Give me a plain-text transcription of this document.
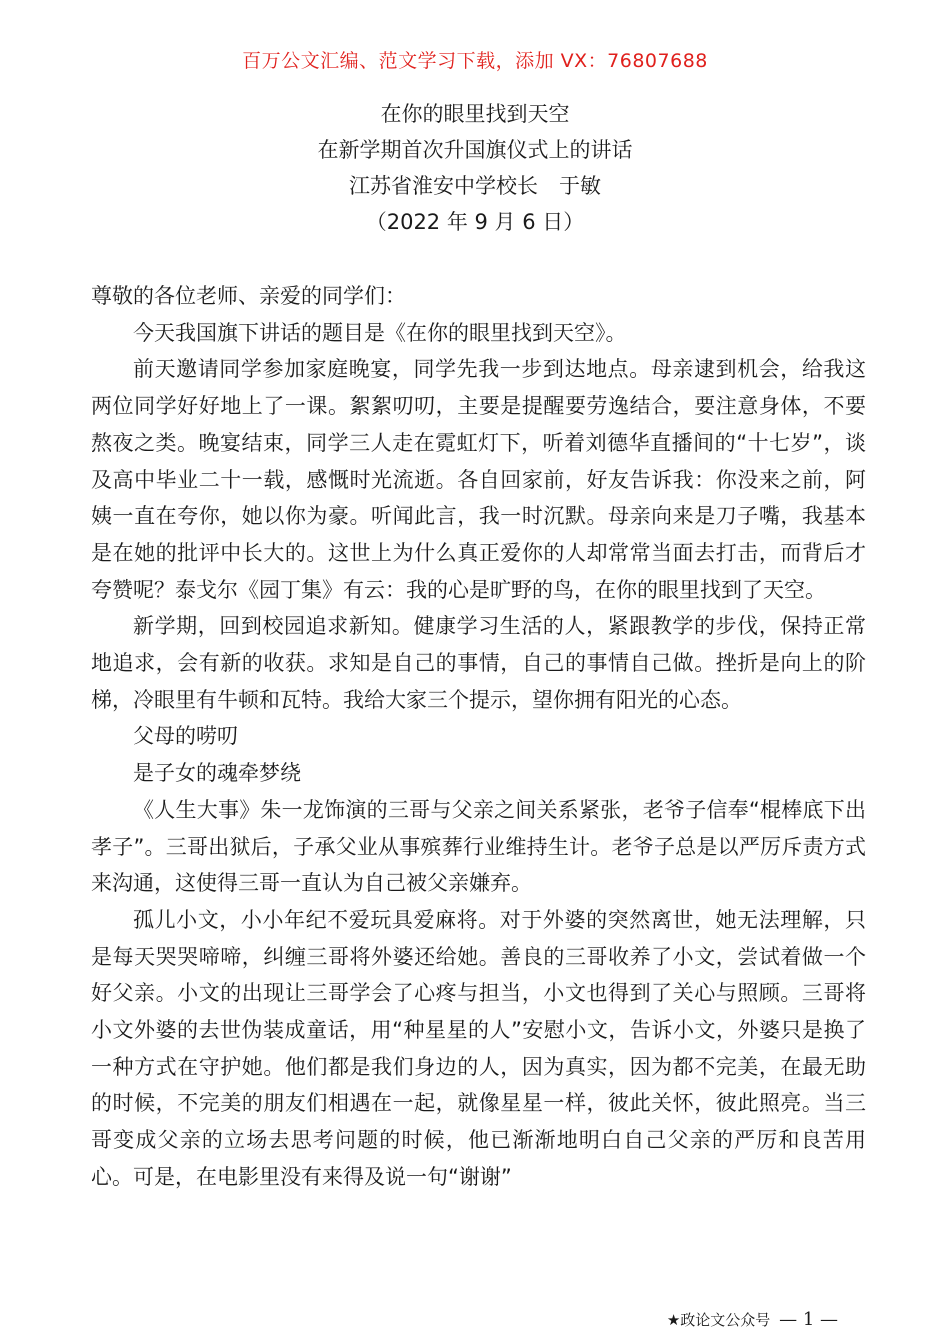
百万公文汇编、范文学习下载，添加 VX：76807688
在你的眼里找到天空
在新学期首次升国旗仪式上的讲话
江苏省淮安中学校长　于敏
（2022 年 9 月 6 日）

尊敬的各位老师、亲爱的同学们：

今天我国旗下讲话的题目是《在你的眼里找到天空》。

前天邀请同学参加家庭晚宴，同学先我一步到达地点。母亲逮到机会，给我这两位同学好好地上了一课。絮絮叨叨，主要是提醒要劳逸结合，要注意身体，不要熬夜之类。晚宴结束，同学三人走在霓虹灯下，听着刘德华直播间的“十七岁”，谈及高中毕业二十一载，感慨时光流逝。各自回家前，好友告诉我：你没来之前，阿姨一直在夸你，她以你为豪。听闻此言，我一时沉默。母亲向来是刀子嘴，我基本是在她的批评中长大的。这世上为什么真正爱你的人却常常当面去打击，而背后才夸赞呢？泰戈尔《园丁集》有云：我的心是旷野的鸟，在你的眼里找到了天空。

新学期，回到校园追求新知。健康学习生活的人，紧跟教学的步伐，保持正常地追求，会有新的收获。求知是自己的事情，自己的事情自己做。挫折是向上的阶梯，冷眼里有牛顿和瓦特。我给大家三个提示，望你拥有阳光的心态。

父母的唠叨

是子女的魂牵梦绕

《人生大事》朱一龙饰演的三哥与父亲之间关系紧张，老爷子信奉“棍棒底下出孝子”。三哥出狱后，子承父业从事殡葬行业维持生计。老爷子总是以严厉斥责方式来沟通，这使得三哥一直认为自己被父亲嫌弃。

孤儿小文，小小年纪不爱玩具爱麻将。对于外婆的突然离世，她无法理解，只是每天哭哭啼啼，纠缠三哥将外婆还给她。善良的三哥收养了小文，尝试着做一个好父亲。小文的出现让三哥学会了心疼与担当，小文也得到了关心与照顾。三哥将小文外婆的去世伪装成童话，用“种星星的人”安慰小文，告诉小文，外婆只是换了一种方式在守护她。他们都是我们身边的人，因为真实，因为都不完美，在最无助的时候，不完美的朋友们相遇在一起，就像星星一样，彼此关怀，彼此照亮。当三哥变成父亲的立场去思考问题的时候，他已渐渐地明白自己父亲的严厉和良苦用心。可是，在电影里没有来得及说一句“谢谢”

★政论文公众号 — 1 —
